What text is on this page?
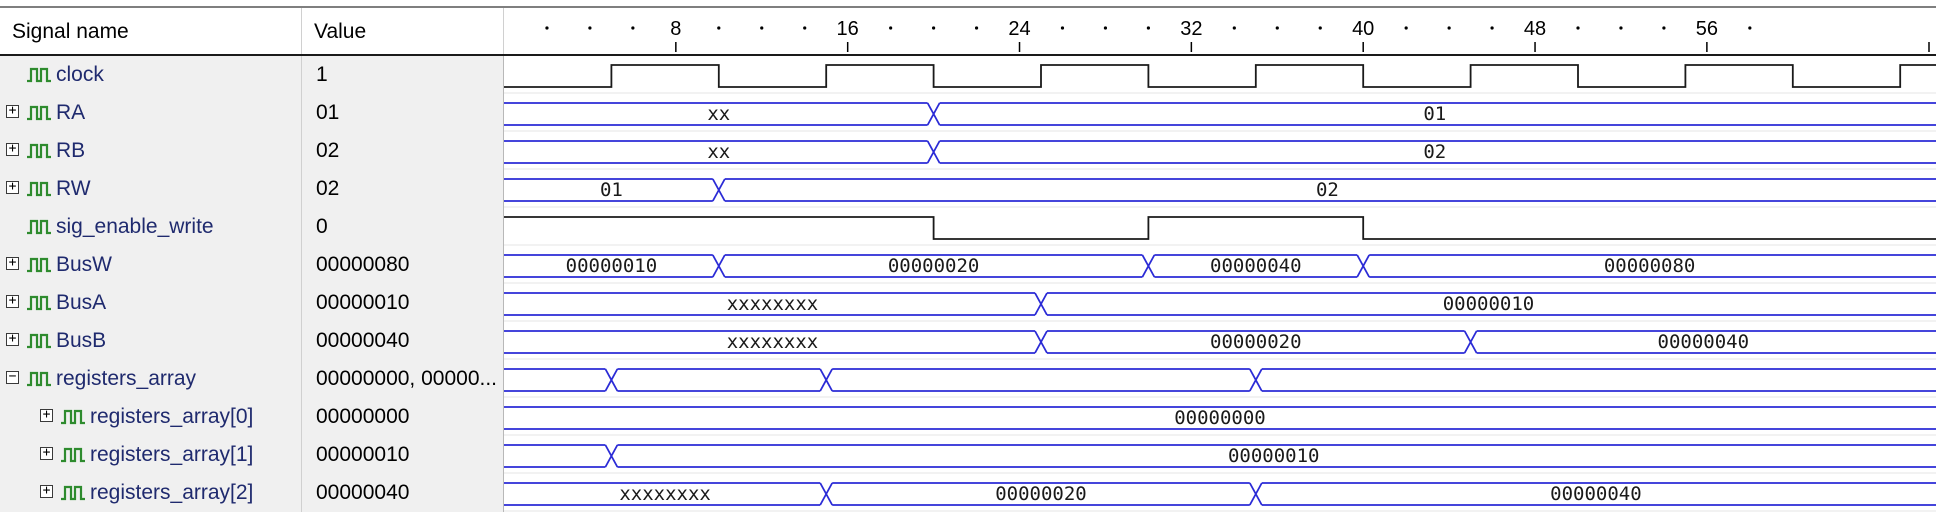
Signal name	Value
clock	1
+ RA	01
+ RB	02
+ RW	02
sig_enable_write	0
+ BusW	00000080
+ BusA	00000010
+ BusB	00000040
− registers_array	00000000, 00000...
+ registers_array[0]	00000000
+ registers_array[1]	00000010
+ registers_array[2]	00000040
8	16	24	32	40	48	56
xx	01
xx	02
01	02
00000010	00000020	00000040	00000080
xxxxxxxx	00000010
xxxxxxxx	00000020	00000040
00000000
00000010
xxxxxxxx	00000020	00000040
